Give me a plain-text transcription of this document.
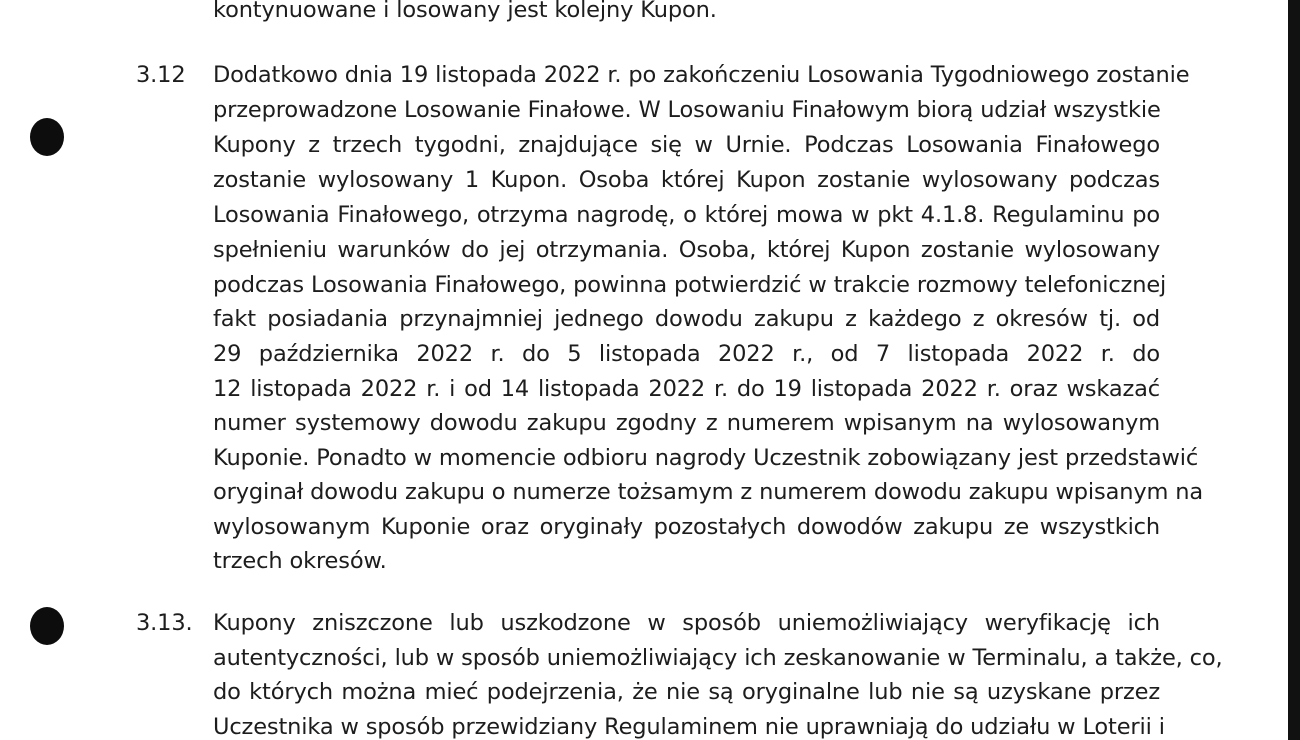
kontynuowane i losowany jest kolejny Kupon.
3.12 Dodatkowo dnia 19 listopada 2022 r. po zakończeniu Losowania Tygodniowego zostanie
przeprowadzone Losowanie Finałowe. W Losowaniu Finałowym biorą udział wszystkie
Kupony z trzech tygodni, znajdujące się w Urnie. Podczas Losowania Finałowego
zostanie wylosowany 1 Kupon. Osoba której Kupon zostanie wylosowany podczas
Losowania Finałowego, otrzyma nagrodę, o której mowa w pkt 4.1.8. Regulaminu po
spełnieniu warunków do jej otrzymania. Osoba, której Kupon zostanie wylosowany
podczas Losowania Finałowego, powinna potwierdzić w trakcie rozmowy telefonicznej
fakt posiadania przynajmniej jednego dowodu zakupu z każdego z okresów tj. od
29 października 2022 r. do 5 listopada 2022 r., od 7 listopada 2022 r. do
12 listopada 2022 r. i od 14 listopada 2022 r. do 19 listopada 2022 r. oraz wskazać
numer systemowy dowodu zakupu zgodny z numerem wpisanym na wylosowanym
Kuponie. Ponadto w momencie odbioru nagrody Uczestnik zobowiązany jest przedstawić
oryginał dowodu zakupu o numerze tożsamym z numerem dowodu zakupu wpisanym na
wylosowanym Kuponie oraz oryginały pozostałych dowodów zakupu ze wszystkich
trzech okresów.
3.13. Kupony zniszczone lub uszkodzone w sposób uniemożliwiający weryfikację ich
autentyczności, lub w sposób uniemożliwiający ich zeskanowanie w Terminalu, a także, co,
do których można mieć podejrzenia, że nie są oryginalne lub nie są uzyskane przez
Uczestnika w sposób przewidziany Regulaminem nie uprawniają do udziału w Loterii i
